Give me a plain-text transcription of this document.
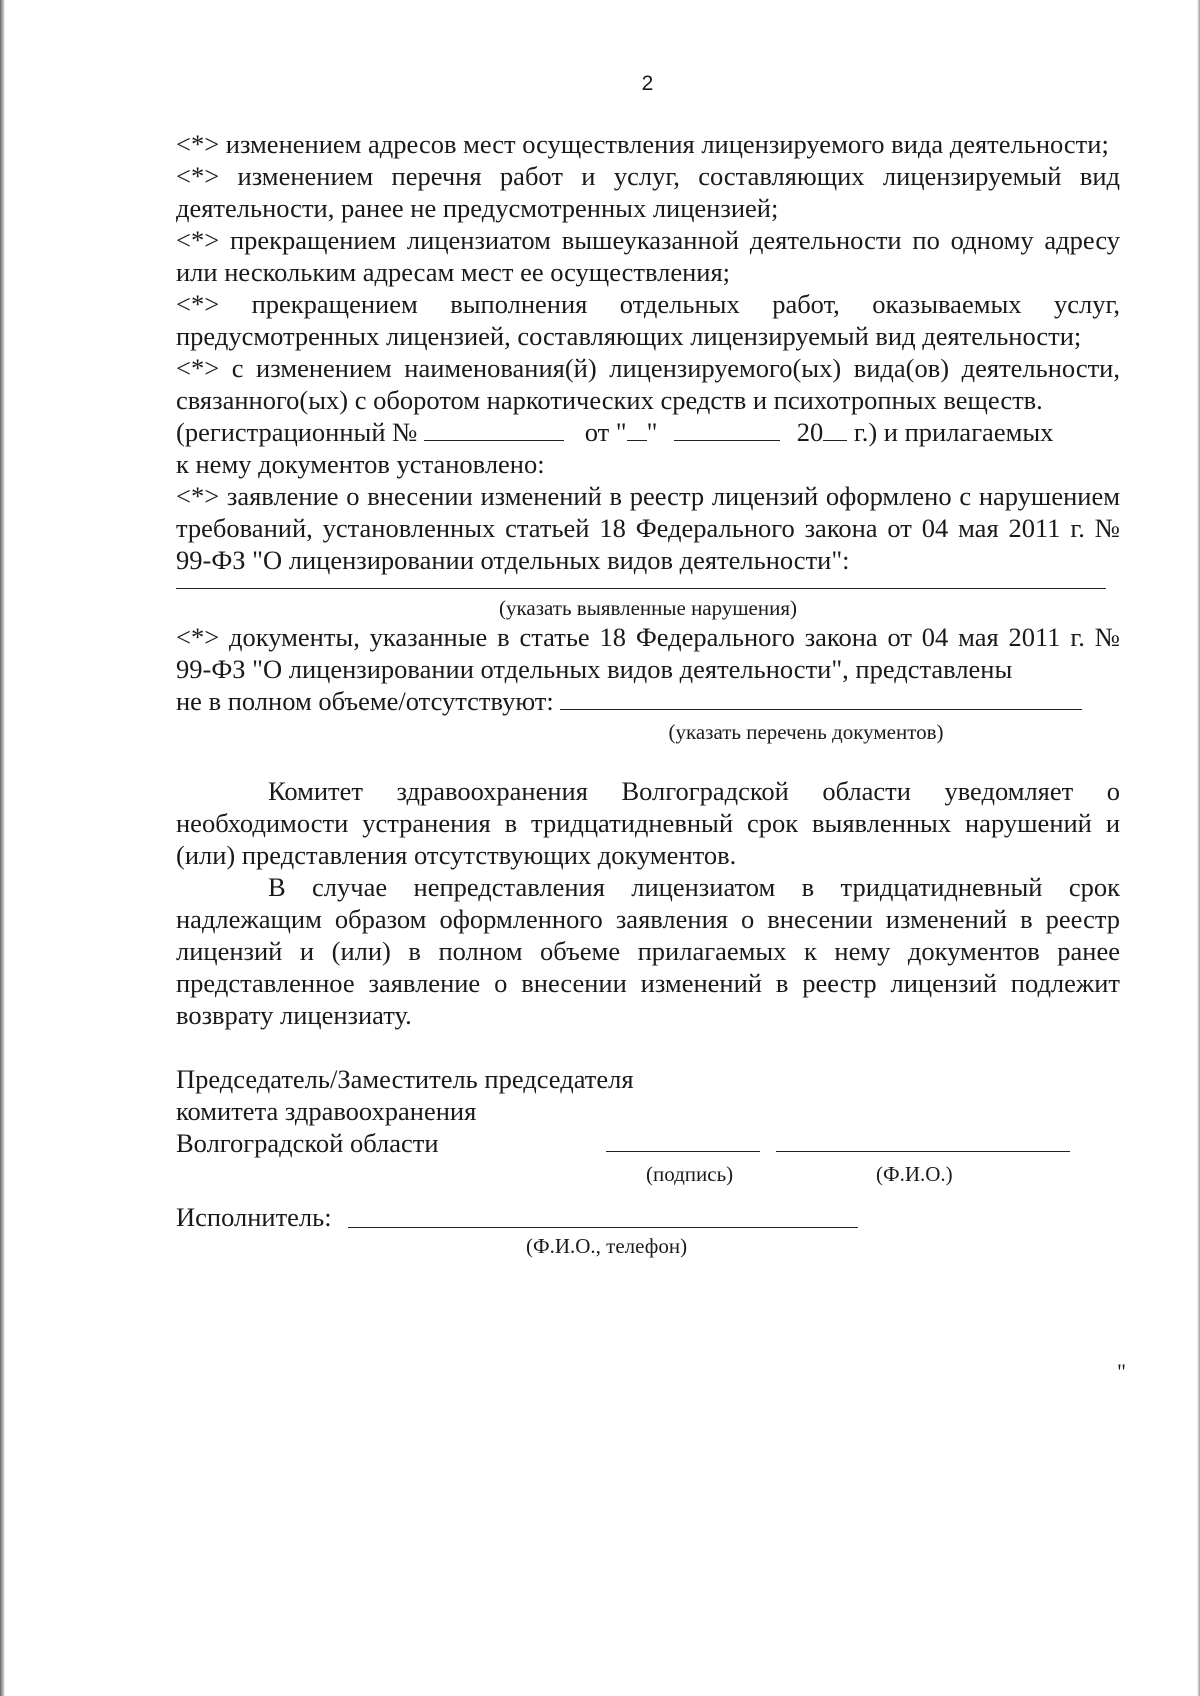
2

<*> изменением адресов мест осуществления лицензируемого вида деятельности;

<*> изменением перечня работ и услуг, составляющих лицензируемый вид деятельности, ранее не предусмотренных лицензией;

<*> прекращением лицензиатом вышеуказанной деятельности по одному адресу или нескольким адресам мест ее осуществления;

<*> прекращением выполнения отдельных работ, оказываемых услуг, предусмотренных лицензией, составляющих лицензируемый вид деятельности;

<*> с изменением наименования(й) лицензируемого(ых) вида(ов) деятельности, связанного(ых) с оборотом наркотических средств и психотропных веществ.

(регистрационный №	от " "	20 г.) и прилагаемых
к нему документов установлено:

<*> заявление о внесении изменений в реестр лицензий оформлено с нарушением требований, установленных статьей 18 Федерального закона от 04 мая 2011 г. № 99-ФЗ "О лицензировании отдельных видов деятельности":

(указать выявленные нарушения)

<*> документы, указанные в статье 18 Федерального закона от 04 мая 2011 г. № 99-ФЗ "О лицензировании отдельных видов деятельности", представлены

не в полном объеме/отсутствуют:
(указать перечень документов)

Комитет здравоохранения Волгоградской области уведомляет о необходимости устранения в тридцатидневный срок выявленных нарушений и (или) представления отсутствующих документов.

В случае непредставления лицензиатом в тридцатидневный срок надлежащим образом оформленного заявления о внесении изменений в реестр лицензий и (или) в полном объеме прилагаемых к нему документов ранее представленное заявление о внесении изменений в реестр лицензий подлежит возврату лицензиату.

Председатель/Заместитель председателя
комитета здравоохранения
Волгоградской области
(подпись)	(Ф.И.О.)
Исполнитель:
(Ф.И.О., телефон)
"
